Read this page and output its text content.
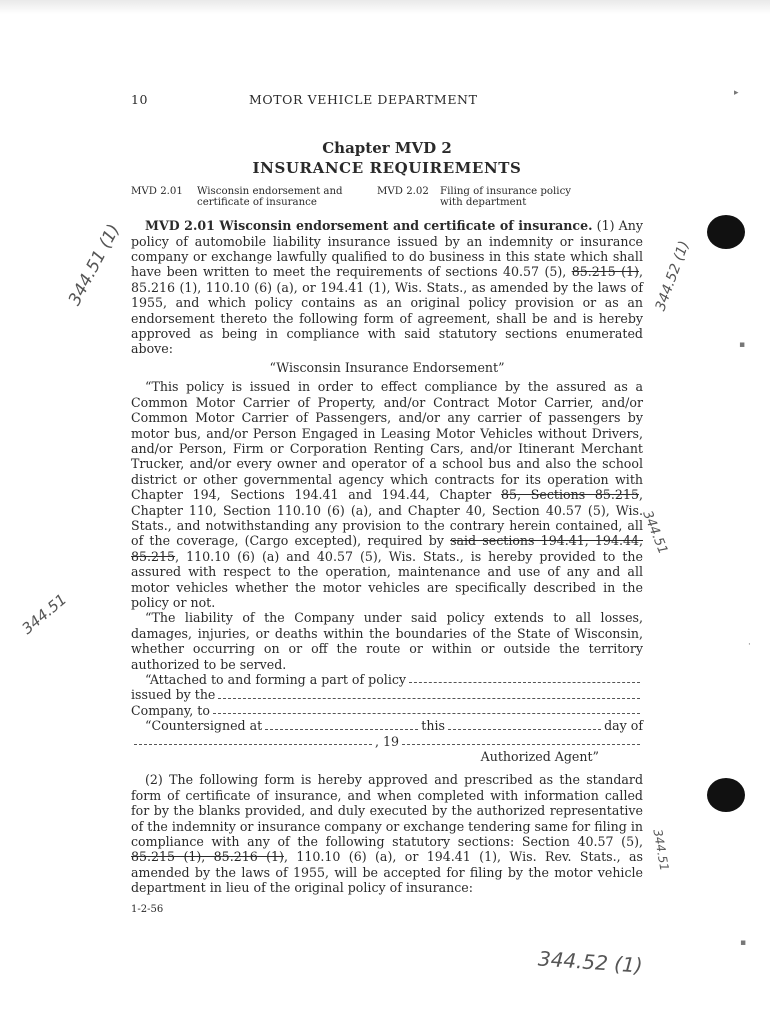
10	MOTOR VEHICLE DEPARTMENT
Chapter MVD 2
INSURANCE REQUIREMENTS
MVD 2.01	Wisconsin endorsement and certificate of insurance
MVD 2.02	Filing of insurance policy with department

MVD 2.01 Wisconsin endorsement and certificate of insurance. (1) Any policy of automobile liability insurance issued by an indemnity or insurance company or exchange lawfully qualified to do business in this state which shall have been written to meet the requirements of sections 40.57 (5), 85.215 (1), 85.216 (1), 110.10 (6) (a), or 194.41 (1), Wis. Stats., as amended by the laws of 1955, and which policy contains as an original policy provision or as an endorsement thereto the following form of agreement, shall be and is hereby approved as being in compliance with said statutory sections enumerated above:

“Wisconsin Insurance Endorsement”

“This policy is issued in order to effect compliance by the assured as a Common Motor Carrier of Property, and/or Contract Motor Carrier, and/or Common Motor Carrier of Passengers, and/or any carrier of passengers by motor bus, and/or Person Engaged in Leasing Motor Vehicles without Drivers, and/or Person, Firm or Corporation Renting Cars, and/or Itinerant Merchant Trucker, and/or every owner and operator of a school bus and also the school district or other governmental agency which contracts for its operation with Chapter 194, Sections 194.41 and 194.44, Chapter 85, Sections 85.215, Chapter 110, Section 110.10 (6) (a), and Chapter 40, Section 40.57 (5), Wis. Stats., and notwithstanding any provision to the contrary herein contained, all of the coverage, (Cargo excepted), required by said sections 194.41, 194.44, 85.215, 110.10 (6) (a) and 40.57 (5), Wis. Stats., is hereby provided to the assured with respect to the operation, maintenance and use of any and all motor vehicles whether the motor vehicles are specifically described in the policy or not.

“The liability of the Company under said policy extends to all losses, damages, injuries, or deaths within the boundaries of the State of Wisconsin, whether occurring on or off the route or within or outside the territory authorized to be served.

“Attached to and forming a part of policy
issued by the
Company, to
“Countersigned at	this	day of
, 19
Authorized Agent”

(2) The following form is hereby approved and prescribed as the standard form of certificate of insurance, and when completed with information called for by the blanks provided, and duly executed by the authorized representative of the indemnity or insurance company or exchange tendering same for filing in compliance with any of the following statutory sections: Section 40.57 (5), 85.215 (1), 85.216 (1), 110.10 (6) (a), or 194.41 (1), Wis. Rev. Stats., as amended by the laws of 1955, will be accepted for filing by the motor vehicle department in lieu of the original policy of insurance:

1-2-56
344.51 (1)	344.52 (1)
344.51
344.51
344.51
344.52 (1)
▸
▪
·
▪
